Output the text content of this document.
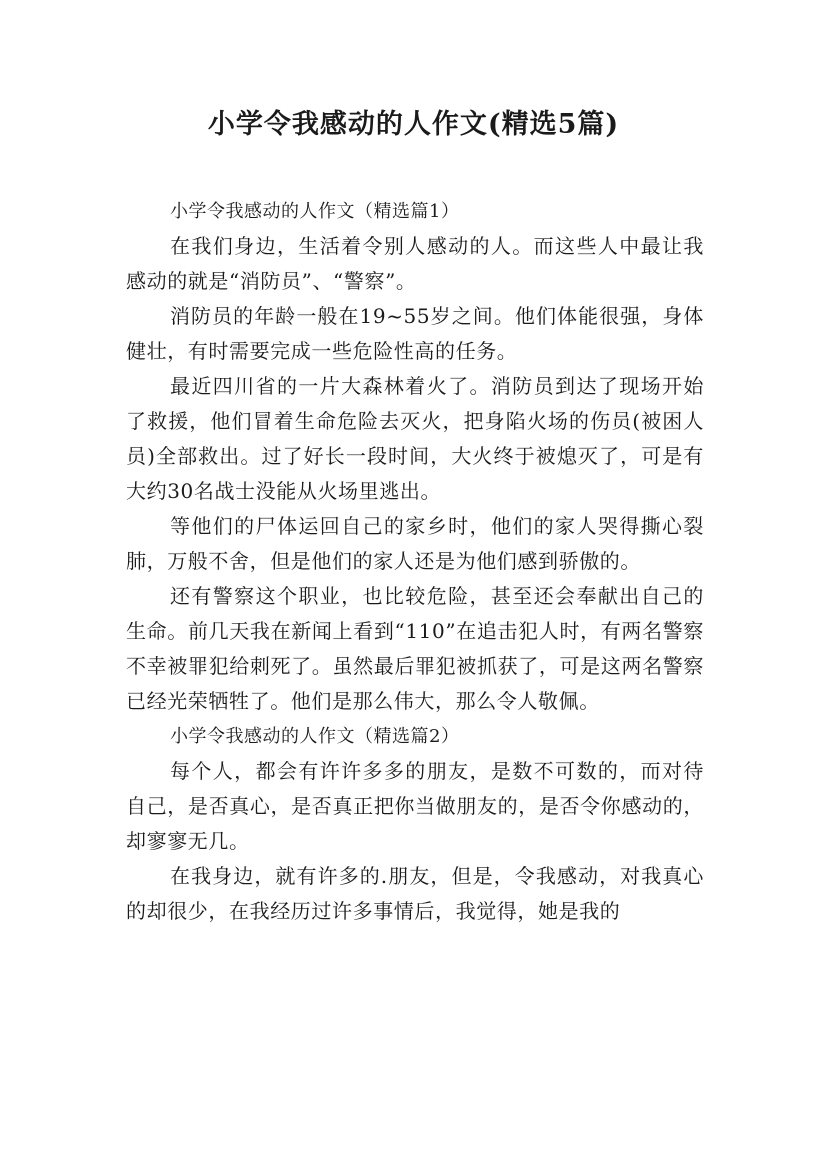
小学令我感动的人作文(精选5篇)

小学令我感动的人作文（精选篇1）

在我们身边，生活着令别人感动的人。而这些人中最让我感动的就是“消防员”、“警察”。

消防员的年龄一般在19~55岁之间。他们体能很强，身体健壮，有时需要完成一些危险性高的任务。

最近四川省的一片大森林着火了。消防员到达了现场开始了救援，他们冒着生命危险去灭火，把身陷火场的伤员(被困人员)全部救出。过了好长一段时间，大火终于被熄灭了，可是有大约30名战士没能从火场里逃出。

等他们的尸体运回自己的家乡时，他们的家人哭得撕心裂肺，万般不舍，但是他们的家人还是为他们感到骄傲的。

还有警察这个职业，也比较危险，甚至还会奉献出自己的生命。前几天我在新闻上看到“110”在追击犯人时，有两名警察不幸被罪犯给刺死了。虽然最后罪犯被抓获了，可是这两名警察已经光荣牺牲了。他们是那么伟大，那么令人敬佩。

小学令我感动的人作文（精选篇2）

每个人，都会有许许多多的朋友，是数不可数的，而对待自己，是否真心，是否真正把你当做朋友的，是否令你感动的，却寥寥无几。

在我身边，就有许多的.朋友，但是，令我感动，对我真心的却很少，在我经历过许多事情后，我觉得，她是我的
